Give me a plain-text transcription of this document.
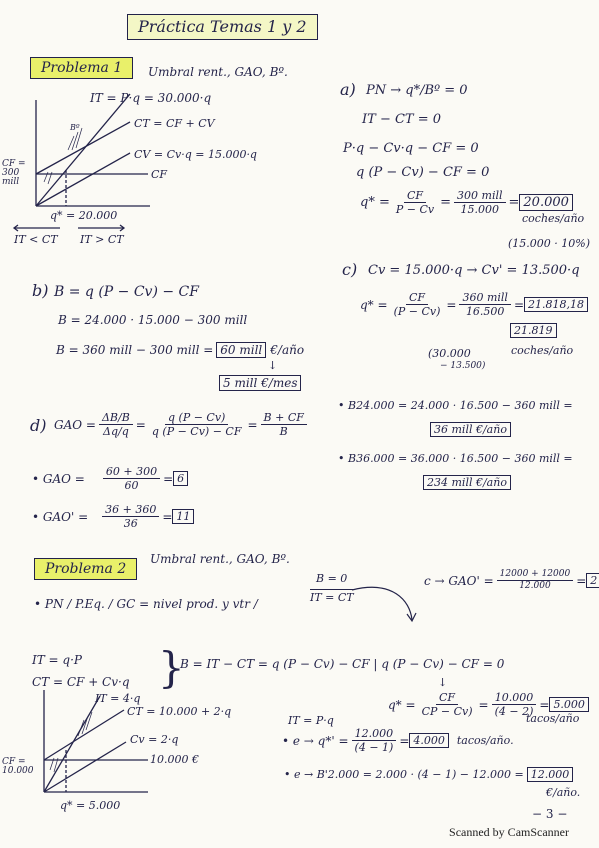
Práctica Temas 1 y 2
Problema 1	Umbral rent., GAO, Bº.
IT = P·q = 30.000·q
CT = CF + CV
CV = Cv·q = 15.000·q
CF
CF = 300 mill
Bº
q* = 20.000
IT < CT IT > CT
a) PN → q*/Bº = 0
IT − CT = 0
P·q − Cv·q − CF = 0
q (P − Cv) − CF = 0
$q* = \frac{CF}{P - Cv} = \frac{\text{300 mill}}{15.000} = 20.000$
coches/año
(15.000 · 10%)
c) Cv = 15.000·q → Cv' = 13.500·q
$q* = \frac{CF}{(P - Cv)} = \frac{\text{360 mill}}{16.500} = 21.818,18$
21.819
coches/año
(30.000
− 13.500)
b) B = q (P − Cv) − CF
B = 24.000 · 15.000 − 300 mill
B = 360 mill − 300 mill = 60 mill €/año
↓
5 mill €/mes
d) GAO = $\frac{\Delta B/B}{\Delta q/q} = \frac{q (P - Cv)}{q (P - Cv) - CF} = \frac{B + CF}{B}$
• GAO = $\frac{60 + 300}{60} = 6$
• $GAO' = \frac{36 + 360}{36} = 11$
• B24.000 = 24.000 · 16.500 − 360 mill =
36 mill €/año
• B36.000 = 36.000 · 16.500 − 360 mill =
234 mill €/año
Problema 2
Umbral rent., GAO, Bº.
• PN / P.Eq. / GC = nivel prod. y vtr /
B = 0
IT = CT
$c \to GAO' = \frac{12000 + 12000}{12.000} = 2$
IT = q·P
CT = CF + Cv·q }
B = IT − CT = q (P − Cv) − CF | q (P − Cv) − CF = 0
↓
$q* = \frac{CF}{CP - Cv)} = \frac{10.000}{(4 - 2)} = 5.000$
tacos/año
IT = 4·q
CT = 10.000 + 2·q
Cv = 2·q
10.000 €
CF = 10.000
q* = 5.000
IT = P·q
• $e \to q*' = \frac{12.000}{(4 - 1)} = 4.000$	tacos/año.
• e → B'2.000 = 2.000 · (4 − 1) − 12.000 = 12.000
€/año.
− 3 −
Scanned by CamScanner
